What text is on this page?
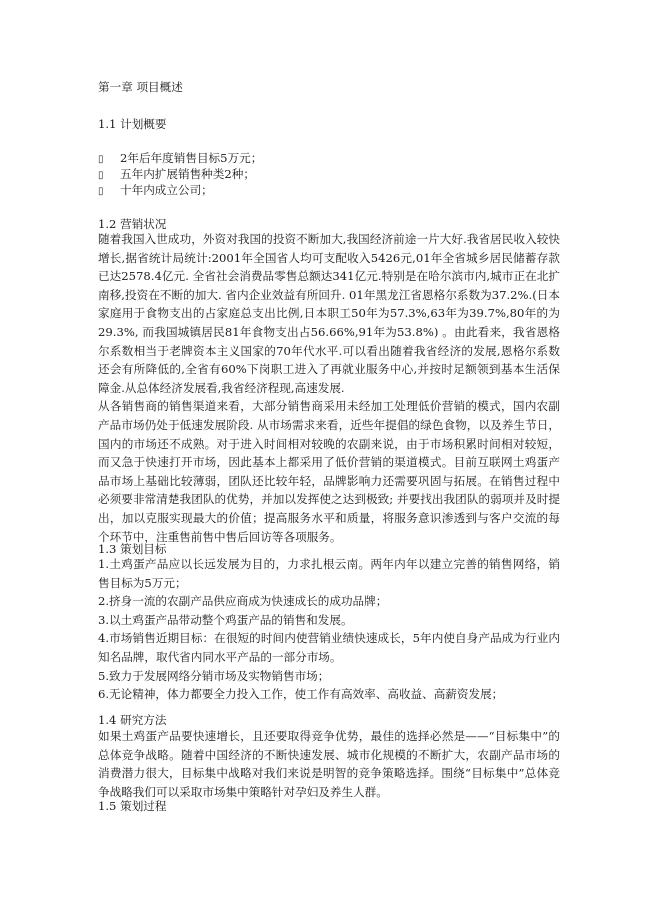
第一章 项目概述
1.1 计划概要
▯ 2年后年度销售目标5万元；
▯ 五年内扩展销售种类2种；
▯ 十年内成立公司；
1.2 营销状况

随着我国入世成功，外资对我国的投资不断加大,我国经济前途一片大好.我省居民收入较快增长,据省统计局统计:2001年全国省人均可支配收入5426元,01年全省城乡居民储蓄存款已达2578.4亿元. 全省社会消费品零售总额达341亿元.特别是在哈尔滨市内,城市正在北扩南移,投资在不断的加大. 省内企业效益有所回升. 01年黑龙江省恩格尔系数为37.2%.(日本家庭用于食物支出的占家庭总支出比例,日本职工50年为57.3%,63年为39.7%,80年的为29.3%, 而我国城镇居民81年食物支出占56.66%,91年为53.8%) 。由此看来，我省恩格尔系数相当于老牌资本主义国家的70年代水平.可以看出随着我省经济的发展,恩格尔系数还会有所降低的,全省有60%下岗职工进入了再就业服务中心,并按时足额领到基本生活保障金.从总体经济发展看,我省经济程现,高速发展.

从各销售商的销售渠道来看，大部分销售商采用未经加工处理低价营销的模式，国内农副产品市场仍处于低速发展阶段. 从市场需求来看，近些年提倡的绿色食物，以及养生节日，国内的市场还不成熟。对于进入时间相对较晚的农副来说，由于市场积累时间相对较短，而又急于快速打开市场，因此基本上都采用了低价营销的渠道模式。目前互联网土鸡蛋产品市场上基础比较薄弱，团队还比较年轻，品牌影响力还需要巩固与拓展。在销售过程中必须要非常清楚我团队的优势，并加以发挥使之达到极致; 并要找出我团队的弱项并及时提出，加以克服实现最大的价值；提高服务水平和质量，将服务意识渗透到与客户交流的每个环节中，注重售前售中售后回访等各项服务。

1.3 策划目标

1.土鸡蛋产品应以长远发展为目的，力求扎根云南。两年内年以建立完善的销售网络，销售目标为5万元；

2.挤身一流的农副产品供应商成为快速成长的成功品牌；

3.以土鸡蛋产品带动整个鸡蛋产品的销售和发展。

4.市场销售近期目标：在很短的时间内使营销业绩快速成长，5年内使自身产品成为行业内知名品牌，取代省内同水平产品的一部分市场。

5.致力于发展网络分销市场及实物销售市场；

6.无论精神，体力都要全力投入工作，使工作有高效率、高收益、高薪资发展；

1.4 研究方法

如果土鸡蛋产品要快速增长，且还要取得竞争优势，最佳的选择必然是——“目标集中”的总体竞争战略。随着中国经济的不断快速发展、城市化规模的不断扩大，农副产品市场的消费潜力很大，目标集中战略对我们来说是明智的竞争策略选择。围绕“目标集中”总体竞争战略我们可以采取市场集中策略针对孕妇及养生人群。

1.5 策划过程
